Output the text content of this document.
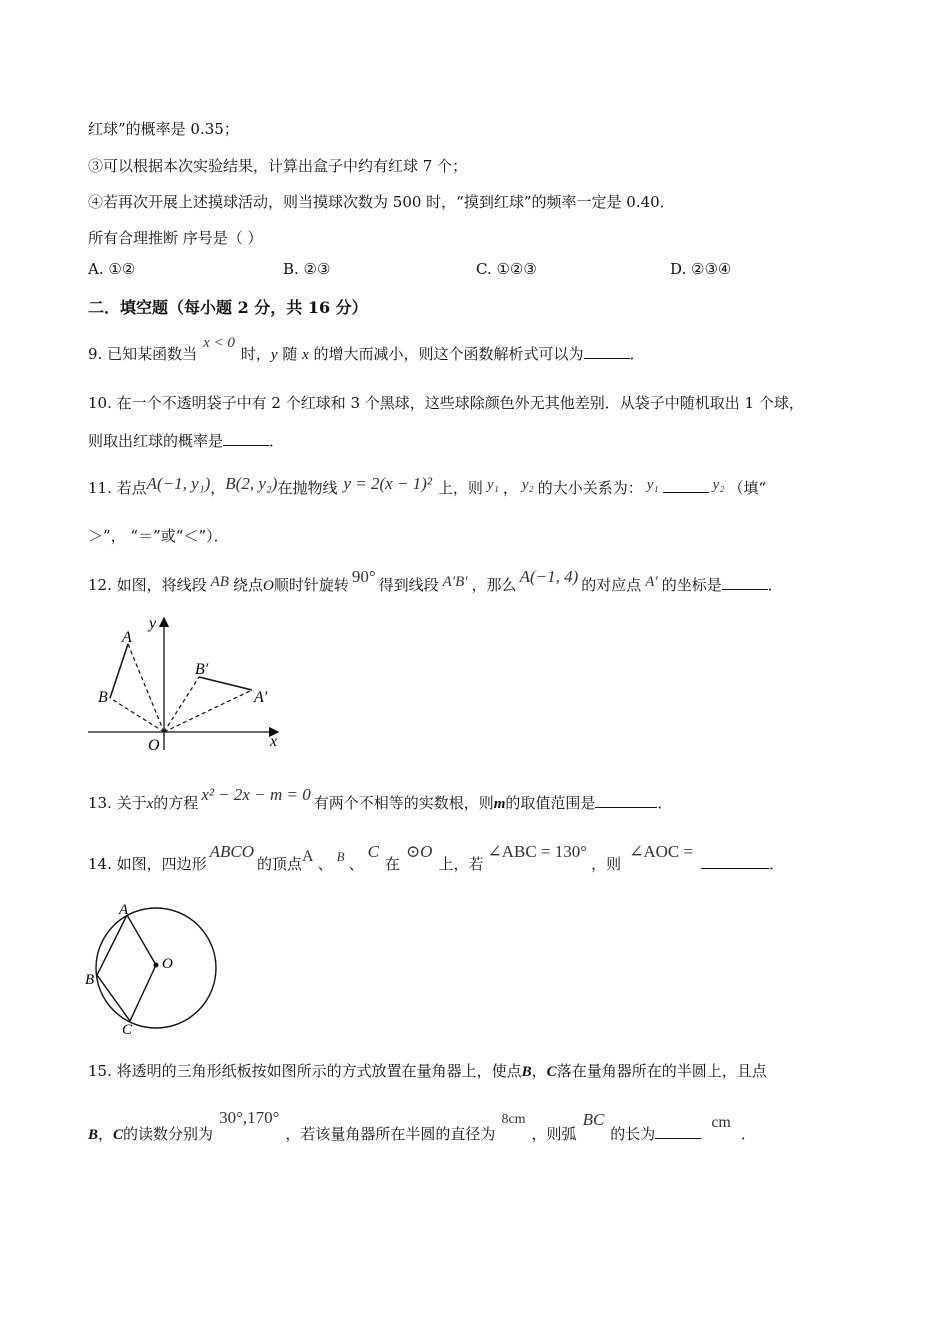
红球”的概率是 0.35；
③可以根据本次实验结果，计算出盒子中约有红球 7 个；
④若再次开展上述摸球活动，则当摸球次数为 500 时，“摸到红球”的频率一定是 0.40．
所有合理推断 序号是（ ）
A. ①②	B. ②③	C. ①②③	D. ②③④
二．填空题（每小题 2 分，共 16 分）
9. 已知某函数当x < 0时，y 随 x 的增大而减小，则这个函数解析式可以为	．
10. 在一个不透明袋子中有 2 个红球和 3 个黑球，这些球除颜色外无其他差别．从袋子中随机取出 1 个球，
则取出红球的概率是	．
11. 若点A(−1, y₁)，B(2, y₂)在抛物线 y = 2(x − 1)² 上，则 y₁ ， y₂ 的大小关系为： y₁	y₂ （填“
＞”， “＝”或“＜”）．
12. 如图，将线段 AB 绕点O顺时针旋转 90° 得到线段 A′B′ ，那么 A(−1, 4) 的对应点 A′ 的坐标是	．
y
x
O
A
B	A′
B′
13. 关于x的方程 x² − 2x − m = 0 有两个不相等的实数根，则m的取值范围是	．
14. 如图，四边形ABCO的顶点A 、 B 、C在⊙O上，若∠ABC = 130°，则∠AOC =．
A
B
C
O
15. 将透明的三角形纸板按如图所示的方式放置在量角器上，使点B，C落在量角器所在的半圆上，且点
B，C的读数分别为30°,170°，若该量角器所在半圆的直径为8cm，则弧BC的长为cm．
